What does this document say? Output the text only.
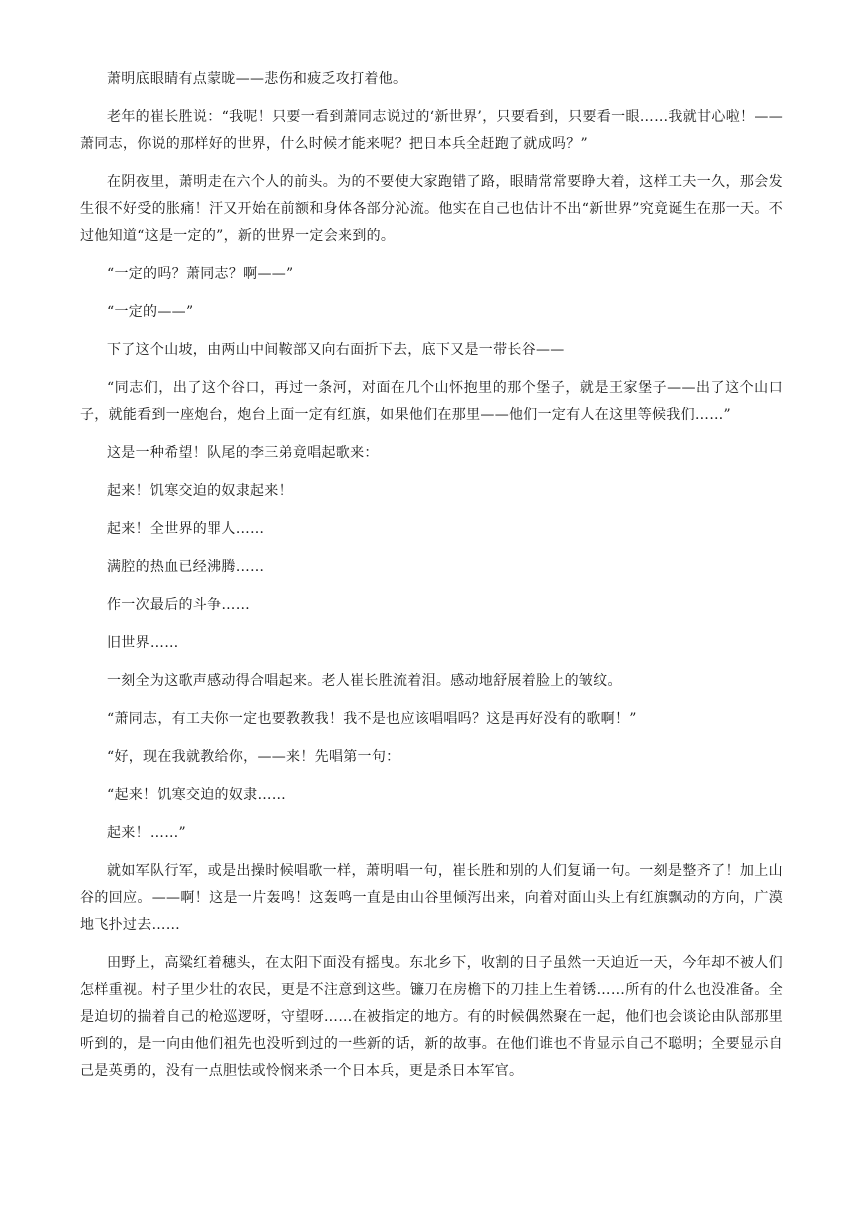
萧明底眼睛有点蒙昽——悲伤和疲乏攻打着他。

老年的崔长胜说：“我呢！只要一看到萧同志说过的‘新世界’，只要看到，只要看一眼……我就甘心啦！——萧同志，你说的那样好的世界，什么时候才能来呢？把日本兵全赶跑了就成吗？”

在阴夜里，萧明走在六个人的前头。为的不要使大家跑错了路，眼睛常常要睁大着，这样工夫一久，那会发生很不好受的胀痛！汗又开始在前额和身体各部分沁流。他实在自己也估计不出“新世界”究竟诞生在那一天。不过他知道“这是一定的”，新的世界一定会来到的。

“一定的吗？萧同志？啊——”

“一定的——”

下了这个山坡，由两山中间鞍部又向右面折下去，底下又是一带长谷——

“同志们，出了这个谷口，再过一条河，对面在几个山怀抱里的那个堡子，就是王家堡子——出了这个山口子，就能看到一座炮台，炮台上面一定有红旗，如果他们在那里——他们一定有人在这里等候我们……”

这是一种希望！队尾的李三弟竟唱起歌来：

起来！饥寒交迫的奴隶起来！

起来！全世界的罪人……

满腔的热血已经沸腾……

作一次最后的斗争……

旧世界……

一刻全为这歌声感动得合唱起来。老人崔长胜流着泪。感动地舒展着脸上的皱纹。

“萧同志，有工夫你一定也要教教我！我不是也应该唱唱吗？这是再好没有的歌啊！”

“好，现在我就教给你，——来！先唱第一句：

“起来！饥寒交迫的奴隶……

起来！……”

就如军队行军，或是出操时候唱歌一样，萧明唱一句，崔长胜和别的人们复诵一句。一刻是整齐了！加上山谷的回应。——啊！这是一片轰鸣！这轰鸣一直是由山谷里倾泻出来，向着对面山头上有红旗飘动的方向，广漠地飞扑过去……

田野上，高粱红着穗头，在太阳下面没有摇曳。东北乡下，收割的日子虽然一天迫近一天，今年却不被人们怎样重视。村子里少壮的农民，更是不注意到这些。镰刀在房檐下的刀挂上生着锈……所有的什么也没准备。全是迫切的揣着自己的枪巡逻呀，守望呀……在被指定的地方。有的时候偶然聚在一起，他们也会谈论由队部那里听到的，是一向由他们祖先也没听到过的一些新的话，新的故事。在他们谁也不肯显示自己不聪明；全要显示自己是英勇的，没有一点胆怯或怜悯来杀一个日本兵，更是杀日本军官。
